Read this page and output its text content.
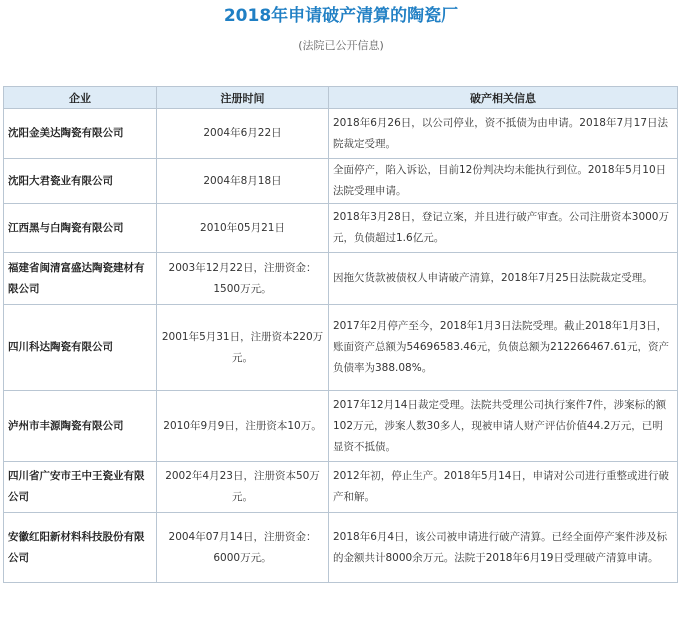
2018年申请破产清算的陶瓷厂
(法院已公开信息)
企业	注册时间	破产相关信息
沈阳金美达陶瓷有限公司	2004年6月22日	2018年6月26日，以公司停业，资不抵债为由申请。2018年7月17日法院裁定受理。
沈阳大君瓷业有限公司	2004年8月18日	全面停产，陷入诉讼，目前12份判决均未能执行到位。2018年5月10日法院受理申请。
江西黑与白陶瓷有限公司	2010年05月21日	2018年3月28日，登记立案，并且进行破产审查。公司注册资本3000万元，负债超过1.6亿元。
福建省闽清富盛达陶瓷建材有限公司	2003年12月22日，注册资金：1500万元。	因拖欠货款被债权人申请破产清算，2018年7月25日法院裁定受理。
四川科达陶瓷有限公司	2001年5月31日，注册资本220万元。	2017年2月停产至今，2018年1月3日法院受理。截止2018年1月3日，账面资产总额为54696583.46元，负债总额为212266467.61元，资产负债率为388.08%。
泸州市丰源陶瓷有限公司	2010年9月9日，注册资本10万。	2017年12月14日裁定受理。法院共受理公司执行案件7件，涉案标的额102万元，涉案人数30多人，现被申请人财产评估价值44.2万元，已明显资不抵债。
四川省广安市王中王瓷业有限公司	2002年4月23日，注册资本50万元。	2012年初，停止生产。2018年5月14日，申请对公司进行重整或进行破产和解。
安徽红阳新材料科技股份有限公司	2004年07月14日，注册资金：6000万元。	2018年6月4日，该公司被申请进行破产清算。已经全面停产案件涉及标的金额共计8000余万元。法院于2018年6月19日受理破产清算申请。
